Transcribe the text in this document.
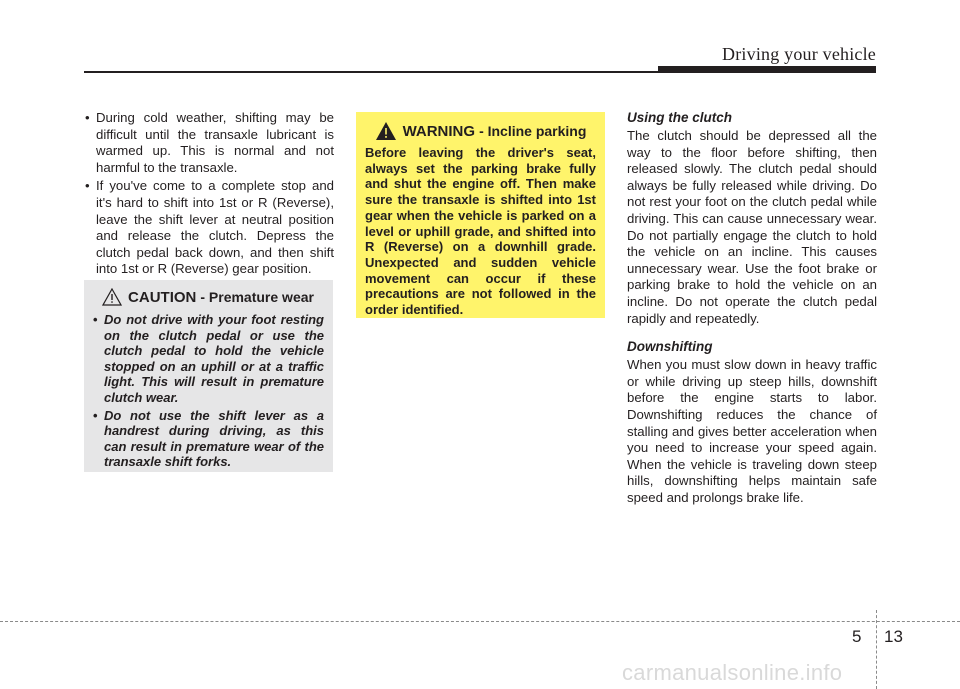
Driving your vehicle
• During cold weather, shifting may be difficult until the transaxle lubricant is warmed up. This is normal and not harmful to the transaxle.
• If you've come to a complete stop and it's hard to shift into 1st or R (Reverse), leave the shift lever at neutral position and release the clutch. Depress the clutch pedal back down, and then shift into 1st or R (Reverse) gear position.
CAUTION - Premature wear
• Do not drive with your foot resting on the clutch pedal or use the clutch pedal to hold the vehicle stopped on an uphill or at a traffic light. This will result in premature clutch wear.
• Do not use the shift lever as a handrest during driving, as this can result in premature wear of the transaxle shift forks.
WARNING - Incline parking

Before leaving the driver's seat, always set the parking brake fully and shut the engine off. Then make sure the transaxle is shifted into 1st gear when the vehicle is parked on a level or uphill grade, and shifted into R (Reverse) on a downhill grade. Unexpected and sudden vehicle movement can occur if these precautions are not followed in the order identified.

Using the clutch

The clutch should be depressed all the way to the floor before shifting, then released slowly. The clutch pedal should always be fully released while driving. Do not rest your foot on the clutch pedal while driving. This can cause unnecessary wear. Do not partially engage the clutch to hold the vehicle on an incline. This causes unnecessary wear. Use the foot brake or parking brake to hold the vehicle on an incline. Do not operate the clutch pedal rapidly and repeatedly.

Downshifting

When you must slow down in heavy traffic or while driving up steep hills, downshift before the engine starts to labor. Downshifting reduces the chance of stalling and gives better acceleration when you need to increase your speed again. When the vehicle is traveling down steep hills, downshifting helps maintain safe speed and prolongs brake life.

5 13
carmanualsonline.info
